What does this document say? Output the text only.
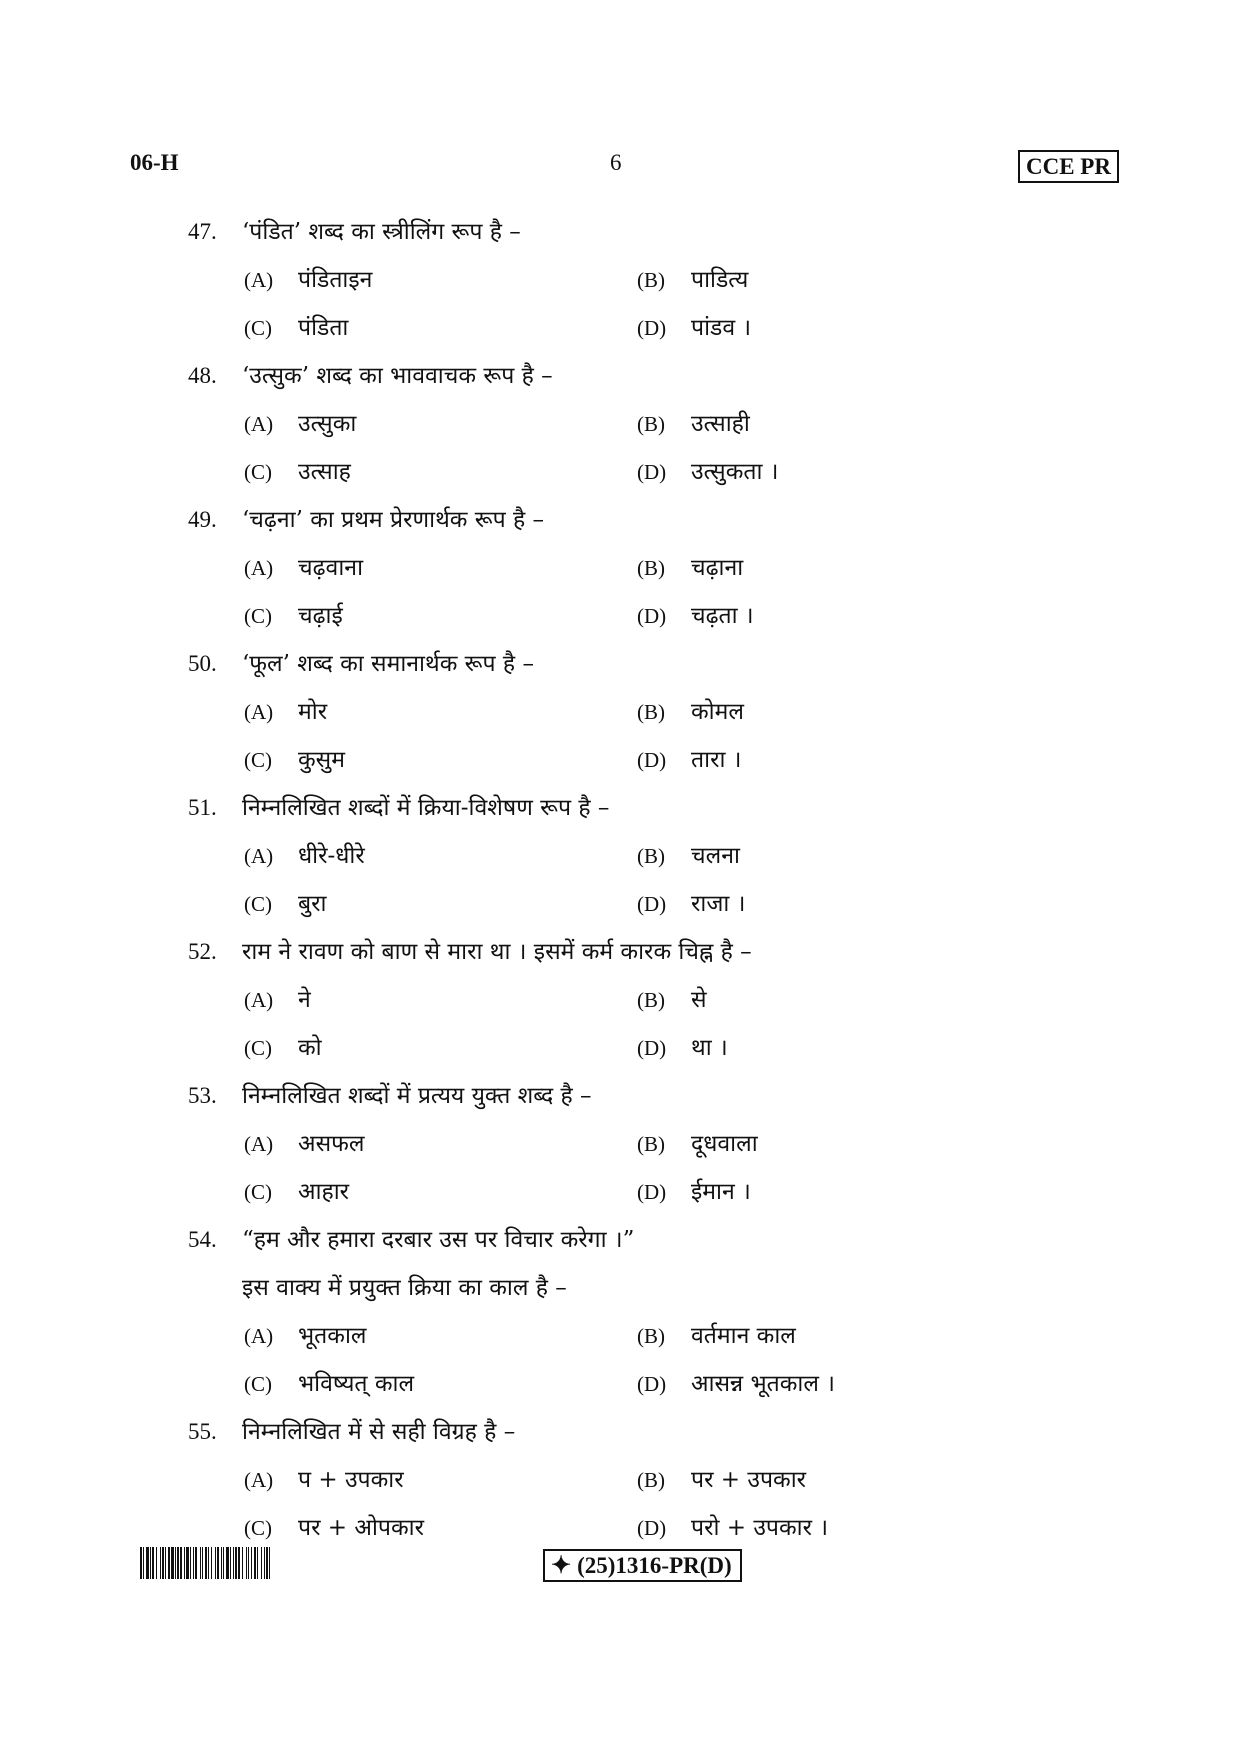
06-H	6	CCE PR
47.	‘पंडित’ शब्द का स्त्रीलिंग रूप है –
(A)	पंडिताइन	(B)	पाडित्य
(C)	पंडिता	(D)	पांडव ।
48.	‘उत्सुक’ शब्द का भाववाचक रूप है –
(A)	उत्सुका	(B)	उत्साही
(C)	उत्साह	(D)	उत्सुकता ।
49.	‘चढ़ना’ का प्रथम प्रेरणार्थक रूप है –
(A)	चढ़वाना	(B)	चढ़ाना
(C)	चढ़ाई	(D)	चढ़ता ।
50.	‘फूल’ शब्द का समानार्थक रूप है –
(A)	मोर	(B)	कोमल
(C)	कुसुम	(D)	तारा ।
51.	निम्नलिखित शब्दों में क्रिया-विशेषण रूप है –
(A)	धीरे-धीरे	(B)	चलना
(C)	बुरा	(D)	राजा ।
52.	राम ने रावण को बाण से मारा था । इसमें कर्म कारक चिह्न है –
(A)	ने	(B)	से
(C)	को	(D)	था ।
53.	निम्नलिखित शब्दों में प्रत्यय युक्त शब्द है –
(A)	असफल	(B)	दूधवाला
(C)	आहार	(D)	ईमान ।
54.	“हम और हमारा दरबार उस पर विचार करेगा ।”
इस वाक्य में प्रयुक्त क्रिया का काल है –
(A)	भूतकाल	(B)	वर्तमान काल
(C)	भविष्यत् काल	(D)	आसन्न भूतकाल ।
55.	निम्नलिखित में से सही विग्रह है –
(A)	प + उपकार	(B)	पर + उपकार
(C)	पर + ओपकार	(D)	परो + उपकार ।
✦ (25)1316-PR(D)
